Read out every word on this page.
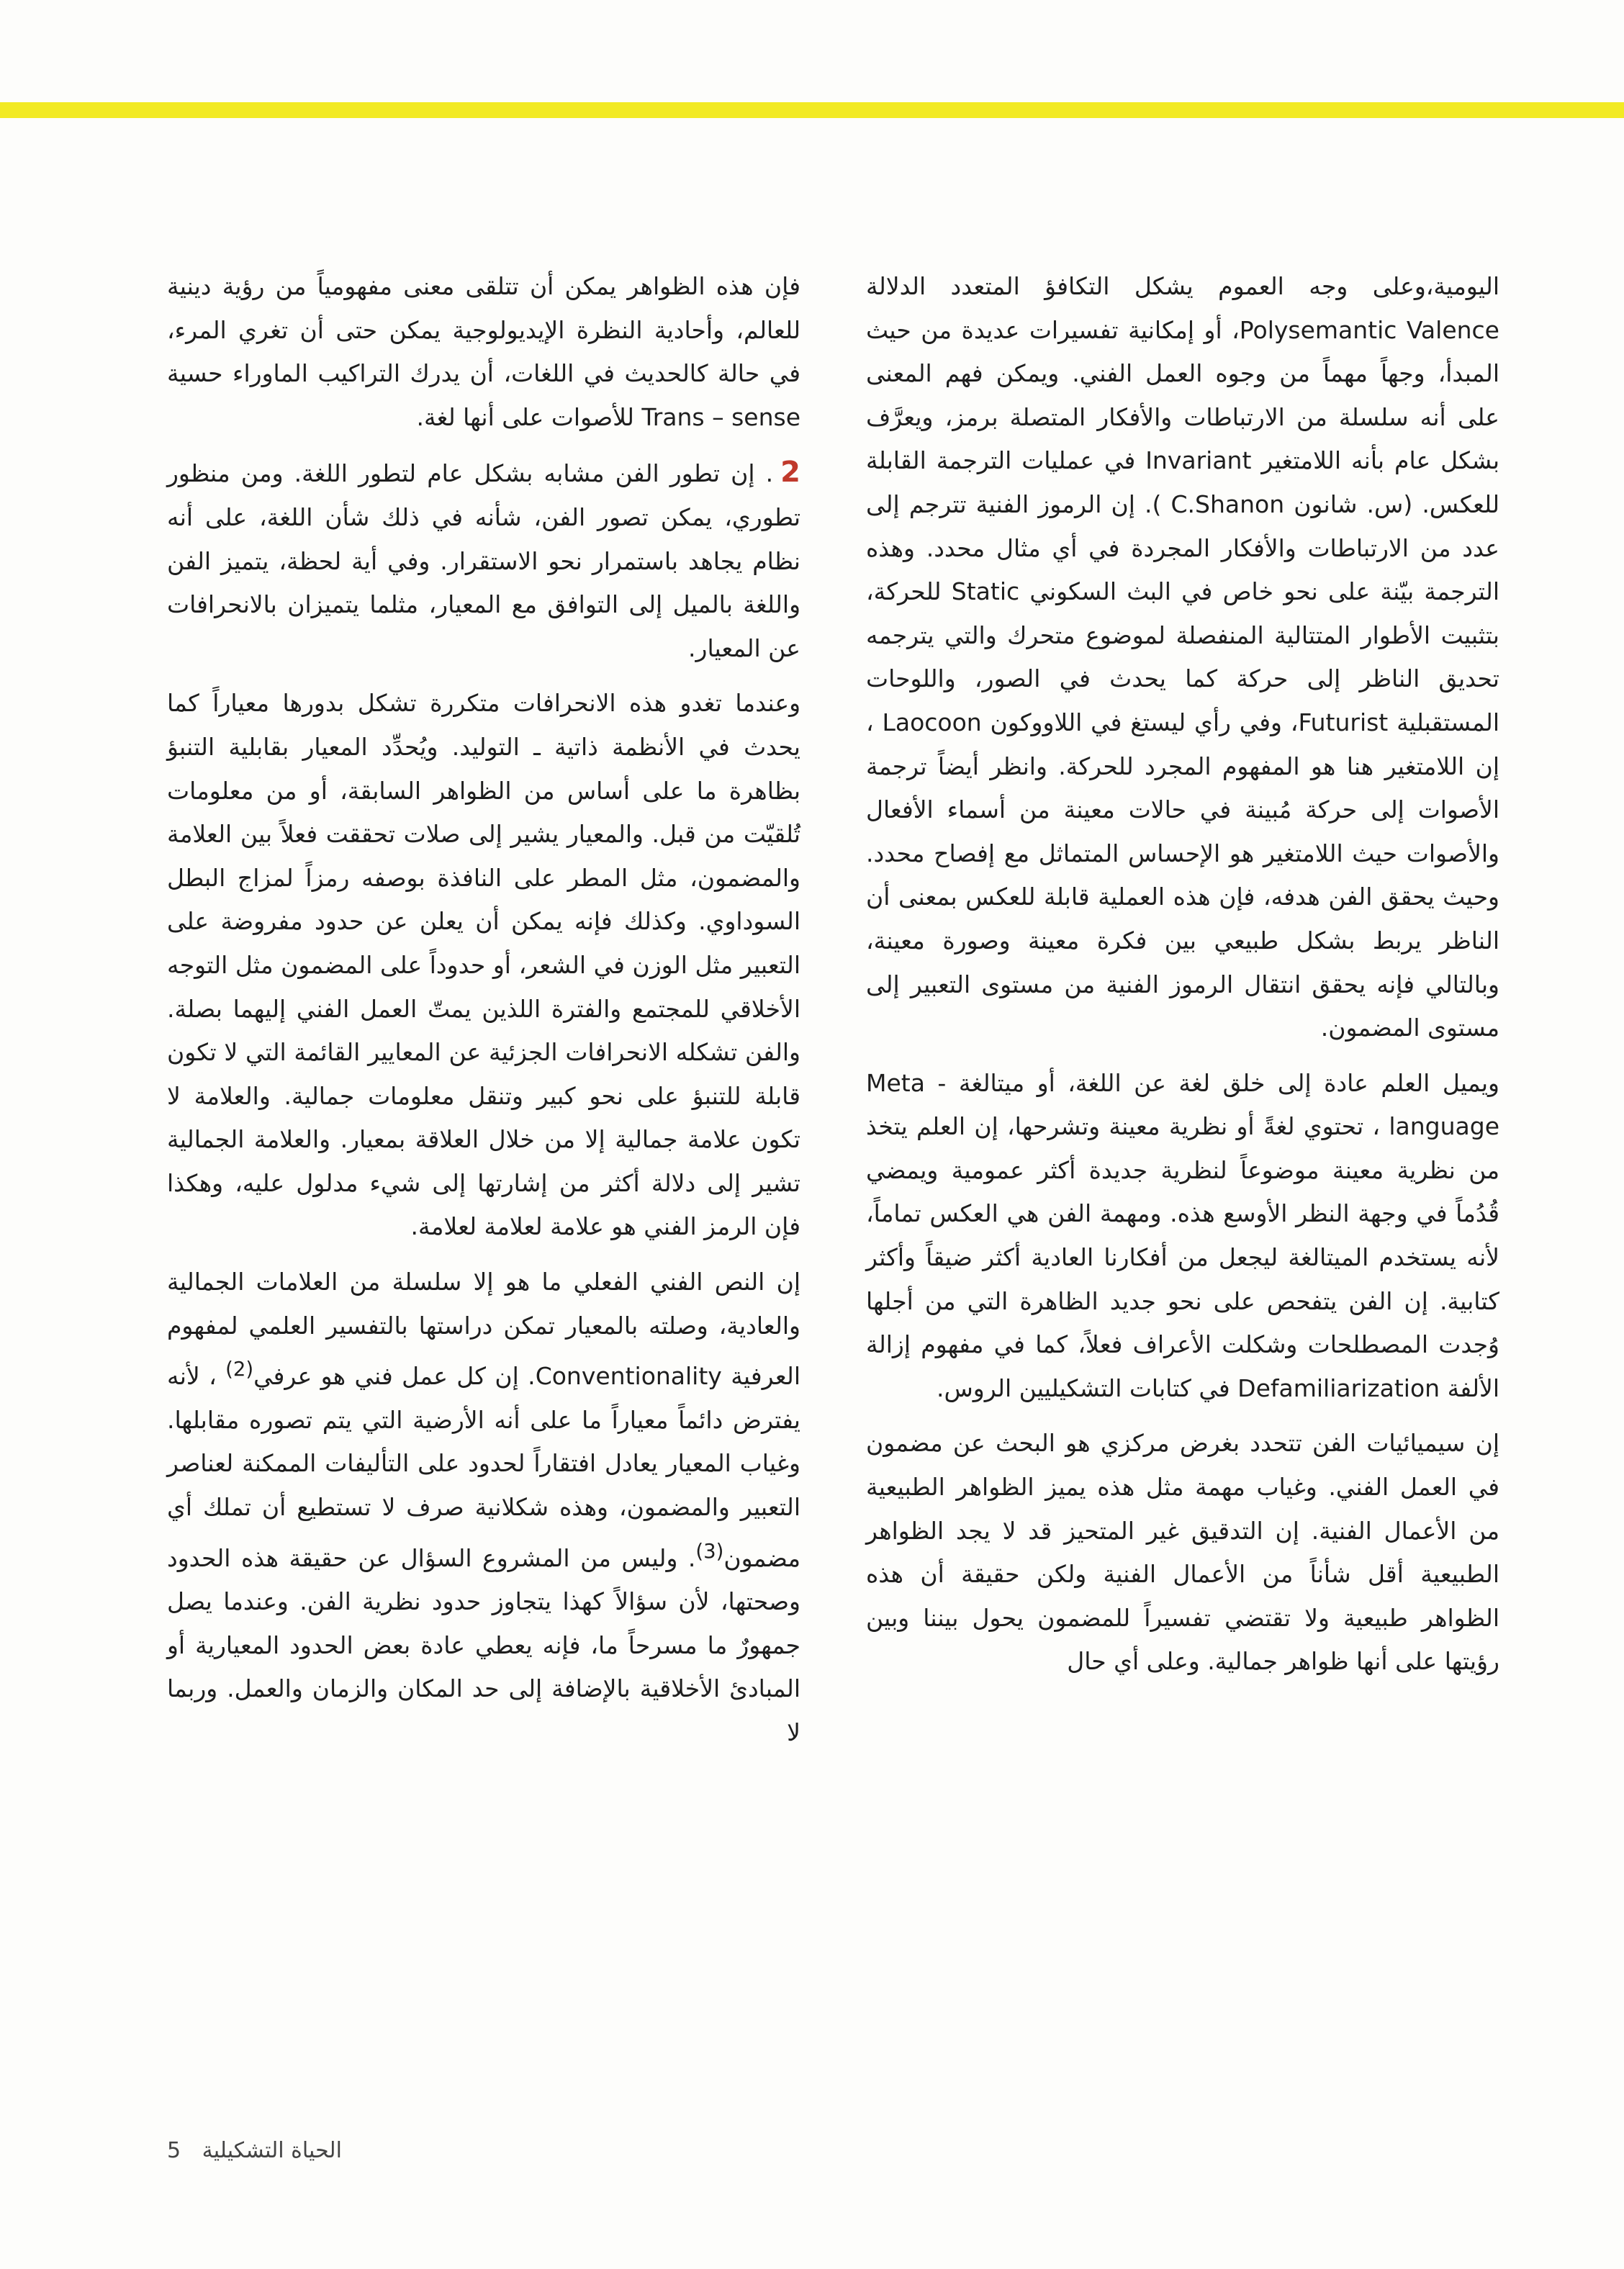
اليومية،وعلى وجه العموم يشكل التكافؤ المتعدد الدلالة Polysemantic Valence، أو إمكانية تفسيرات عديدة من حيث المبدأ، وجهاً مهماً من وجوه العمل الفني. ويمكن فهم المعنى على أنه سلسلة من الارتباطات والأفكار المتصلة برمز، ويعرَّف بشكل عام بأنه اللامتغير Invariant في عمليات الترجمة القابلة للعكس. (س. شانون C.Shanon ). إن الرموز الفنية تترجم إلى عدد من الارتباطات والأفكار المجردة في أي مثال محدد. وهذه الترجمة بيّنة على نحو خاص في البث السكوني Static للحركة، بتثبيت الأطوار المتتالية المنفصلة لموضوع متحرك والتي يترجمه تحديق الناظر إلى حركة كما يحدث في الصور، واللوحات المستقبلية Futurist، وفي رأي ليستغ في اللاووكون Laocoon ، إن اللامتغير هنا هو المفهوم المجرد للحركة. وانظر أيضاً ترجمة الأصوات إلى حركة مُبينة في حالات معينة من أسماء الأفعال والأصوات حيث اللامتغير هو الإحساس المتماثل مع إفصاح محدد. وحيث يحقق الفن هدفه، فإن هذه العملية قابلة للعكس بمعنى أن الناظر يربط بشكل طبيعي بين فكرة معينة وصورة معينة، وبالتالي فإنه يحقق انتقال الرموز الفنية من مستوى التعبير إلى مستوى المضمون.

ويميل العلم عادة إلى خلق لغة عن اللغة، أو ميتالغة Meta - language ، تحتوي لغةً أو نظرية معينة وتشرحها، إن العلم يتخذ من نظرية معينة موضوعاً لنظرية جديدة أكثر عمومية ويمضي قُدُماً في وجهة النظر الأوسع هذه. ومهمة الفن هي العكس تماماً، لأنه يستخدم الميتالغة ليجعل من أفكارنا العادية أكثر ضيقاً وأكثر كتابية. إن الفن يتفحص على نحو جديد الظاهرة التي من أجلها وُجدت المصطلحات وشكلت الأعراف فعلاً، كما في مفهوم إزالة الألفة Defamiliarization في كتابات التشكيليين الروس.

إن سيميائيات الفن تتحدد بغرض مركزي هو البحث عن مضمون في العمل الفني. وغياب مهمة مثل هذه يميز الظواهر الطبيعية من الأعمال الفنية. إن التدقيق غير المتحيز قد لا يجد الظواهر الطبيعية أقل شأناً من الأعمال الفنية ولكن حقيقة أن هذه الظواهر طبيعية ولا تقتضي تفسيراً للمضمون يحول بيننا وبين رؤيتها على أنها ظواهر جمالية. وعلى أي حال

فإن هذه الظواهر يمكن أن تتلقى معنى مفهومياً من رؤية دينية للعالم، وأحادية النظرة الإيديولوجية يمكن حتى أن تغري المرء، في حالة كالحديث في اللغات، أن يدرك التراكيب الماوراء حسية Trans – sense للأصوات على أنها لغة.

2. إن تطور الفن مشابه بشكل عام لتطور اللغة. ومن منظور تطوري، يمكن تصور الفن، شأنه في ذلك شأن اللغة، على أنه نظام يجاهد باستمرار نحو الاستقرار. وفي أية لحظة، يتميز الفن واللغة بالميل إلى التوافق مع المعيار، مثلما يتميزان بالانحرافات عن المعيار.

وعندما تغدو هذه الانحرافات متكررة تشكل بدورها معياراً كما يحدث في الأنظمة ذاتية ـ التوليد. ويُحدِّد المعيار بقابلية التنبؤ بظاهرة ما على أساس من الظواهر السابقة، أو من معلومات تُلقيّت من قبل. والمعيار يشير إلى صلات تحققت فعلاً بين العلامة والمضمون، مثل المطر على النافذة بوصفه رمزاً لمزاج البطل السوداوي. وكذلك فإنه يمكن أن يعلن عن حدود مفروضة على التعبير مثل الوزن في الشعر، أو حدوداً على المضمون مثل التوجه الأخلاقي للمجتمع والفترة اللذين يمتّ العمل الفني إليهما بصلة. والفن تشكله الانحرافات الجزئية عن المعايير القائمة التي لا تكون قابلة للتنبؤ على نحو كبير وتنقل معلومات جمالية. والعلامة لا تكون علامة جمالية إلا من خلال العلاقة بمعيار. والعلامة الجمالية تشير إلى دلالة أكثر من إشارتها إلى شيء مدلول عليه، وهكذا فإن الرمز الفني هو علامة لعلامة لعلامة.

إن النص الفني الفعلي ما هو إلا سلسلة من العلامات الجمالية والعادية، وصلته بالمعيار تمكن دراستها بالتفسير العلمي لمفهوم العرفية Conventionality. إن كل عمل فني هو عرفي$^{(2)}$ ، لأنه يفترض دائماً معياراً ما على أنه الأرضية التي يتم تصوره مقابلها. وغياب المعيار يعادل افتقاراً لحدود على التأليفات الممكنة لعناصر التعبير والمضمون، وهذه شكلانية صرف لا تستطيع أن تملك أي مضمون$^{(3)}$. وليس من المشروع السؤال عن حقيقة هذه الحدود وصحتها، لأن سؤالاً كهذا يتجاوز حدود نظرية الفن. وعندما يصل جمهورٌ ما مسرحاً ما، فإنه يعطي عادة بعض الحدود المعيارية أو المبادئ الأخلاقية بالإضافة إلى حد المكان والزمان والعمل. وربما لا

5 الحياة التشكيلية
